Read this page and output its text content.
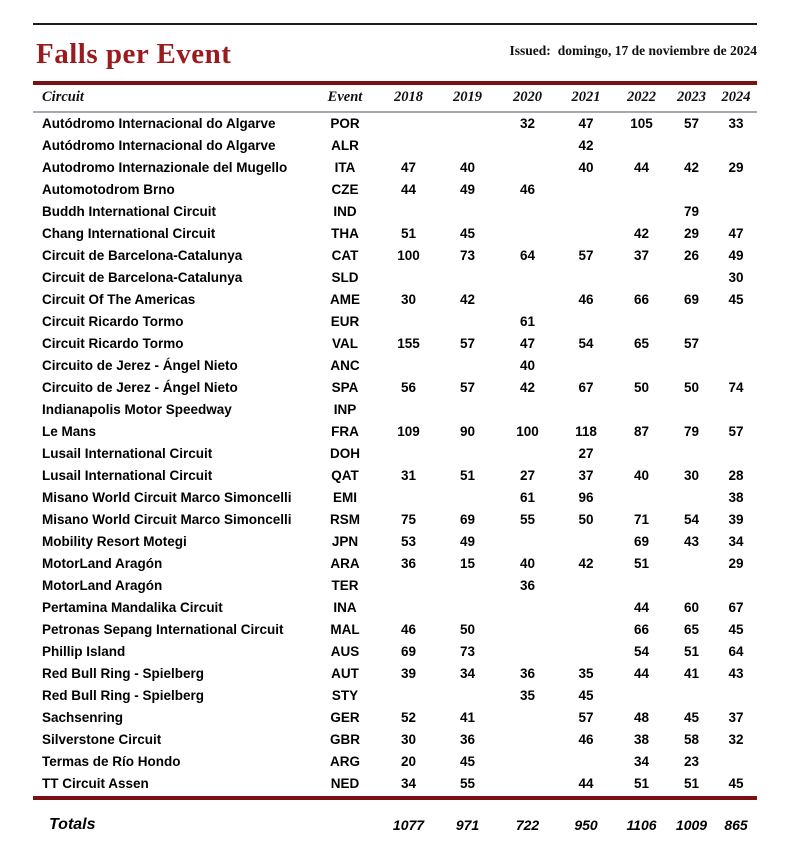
Falls per Event	Issued: domingo, 17 de noviembre de 2024
Circuit	Event	2018	2019	2020	2021	2022	2023	2024
Autódromo Internacional do Algarve	POR			32	47	105	57	33
Autódromo Internacional do Algarve	ALR				42			
Autodromo Internazionale del Mugello	ITA	47	40		40	44	42	29
Automotodrom Brno	CZE	44	49	46				
Buddh International Circuit	IND						79	
Chang International Circuit	THA	51	45			42	29	47
Circuit de Barcelona-Catalunya	CAT	100	73	64	57	37	26	49
Circuit de Barcelona-Catalunya	SLD							30
Circuit Of The Americas	AME	30	42		46	66	69	45
Circuit Ricardo Tormo	EUR			61				
Circuit Ricardo Tormo	VAL	155	57	47	54	65	57	
Circuito de Jerez - Ángel Nieto	ANC			40				
Circuito de Jerez - Ángel Nieto	SPA	56	57	42	67	50	50	74
Indianapolis Motor Speedway	INP							
Le Mans	FRA	109	90	100	118	87	79	57
Lusail International Circuit	DOH				27			
Lusail International Circuit	QAT	31	51	27	37	40	30	28
Misano World Circuit Marco Simoncelli	EMI			61	96			38
Misano World Circuit Marco Simoncelli	RSM	75	69	55	50	71	54	39
Mobility Resort Motegi	JPN	53	49			69	43	34
MotorLand Aragón	ARA	36	15	40	42	51		29
MotorLand Aragón	TER			36				
Pertamina Mandalika Circuit	INA					44	60	67
Petronas Sepang International Circuit	MAL	46	50			66	65	45
Phillip Island	AUS	69	73			54	51	64
Red Bull Ring - Spielberg	AUT	39	34	36	35	44	41	43
Red Bull Ring - Spielberg	STY			35	45			
Sachsenring	GER	52	41		57	48	45	37
Silverstone Circuit	GBR	30	36		46	38	58	32
Termas de Río Hondo	ARG	20	45			34	23	
TT Circuit Assen	NED	34	55		44	51	51	45
Totals		1077	971	722	950	1106	1009	865
